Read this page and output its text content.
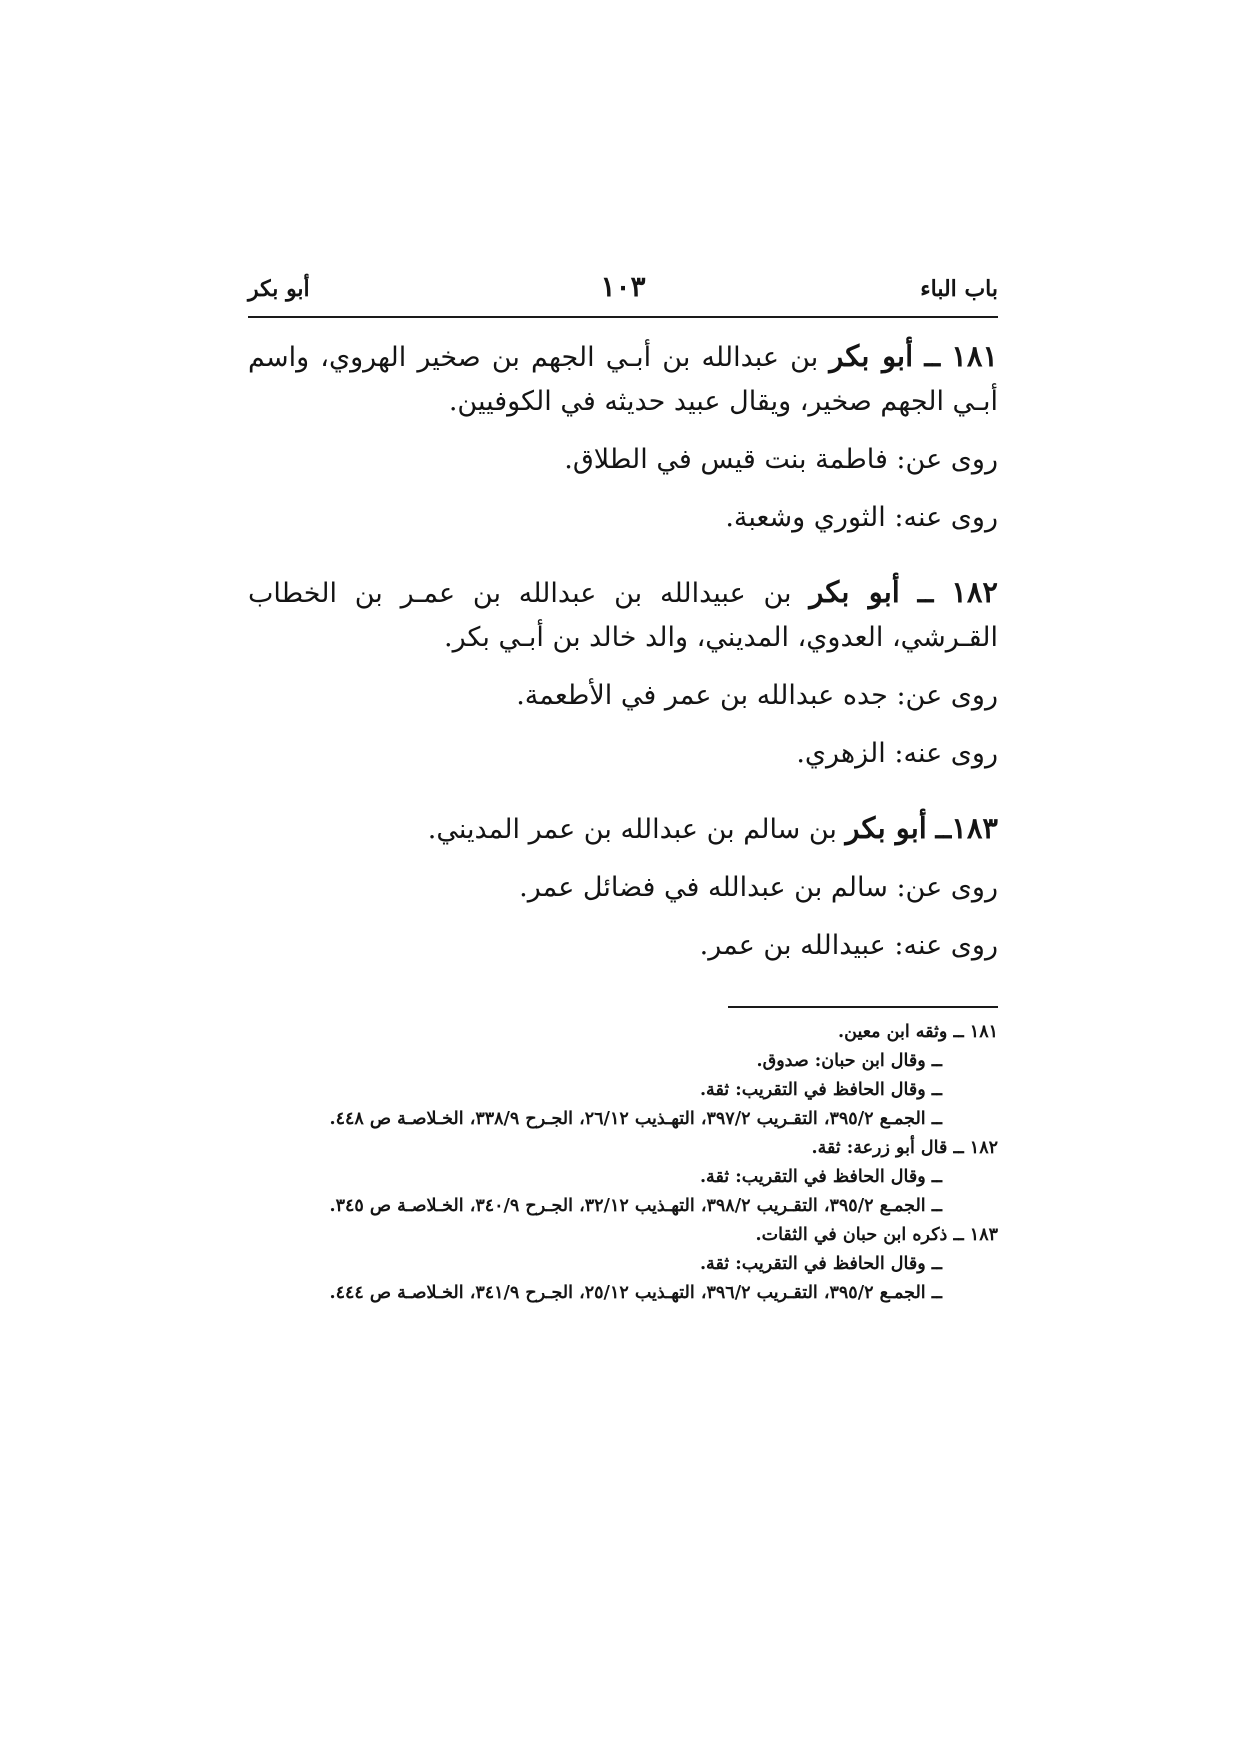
باب الباء
١٠٣
أبو بكر

١٨١ ــ أبو بكر بن عبدالله بن أبـي الجهم بن صخير الهروي، واسم أبـي الجهم صخير، ويقال عبيد حديثه في الكوفيين.

روى عن: فاطمة بنت قيس في الطلاق.

روى عنه: الثوري وشعبة.

١٨٢ ــ أبو بكر بن عبيدالله بن عبدالله بن عمـر بن الخطاب القـرشي، العدوي، المديني، والد خالد بن أبـي بكر.

روى عن: جده عبدالله بن عمر في الأطعمة.

روى عنه: الزهري.

١٨٣ــ أبو بكر بن سالم بن عبدالله بن عمر المديني.

روى عن: سالم بن عبدالله في فضائل عمر.

روى عنه: عبيدالله بن عمر.

١٨١ ــ وثقه ابن معين.

ــ وقال ابن حبان: صدوق.

ــ وقال الحافظ في التقريب: ثقة.

ــ الجمـع ٣٩٥/٢، التقـريب ٣٩٧/٢، التهـذيب ٢٦/١٢، الجـرح ٣٣٨/٩، الخـلاصـة ص ٤٤٨.

١٨٢ ــ قال أبو زرعة: ثقة.

ــ وقال الحافظ في التقريب: ثقة.

ــ الجمـع ٣٩٥/٢، التقـريب ٣٩٨/٢، التهـذيب ٣٢/١٢، الجـرح ٣٤٠/٩، الخـلاصـة ص ٣٤٥.

١٨٣ ــ ذكره ابن حبان في الثقات.

ــ وقال الحافظ في التقريب: ثقة.

ــ الجمـع ٣٩٥/٢، التقـريب ٣٩٦/٢، التهـذيب ٢٥/١٢، الجـرح ٣٤١/٩، الخـلاصـة ص ٤٤٤.
